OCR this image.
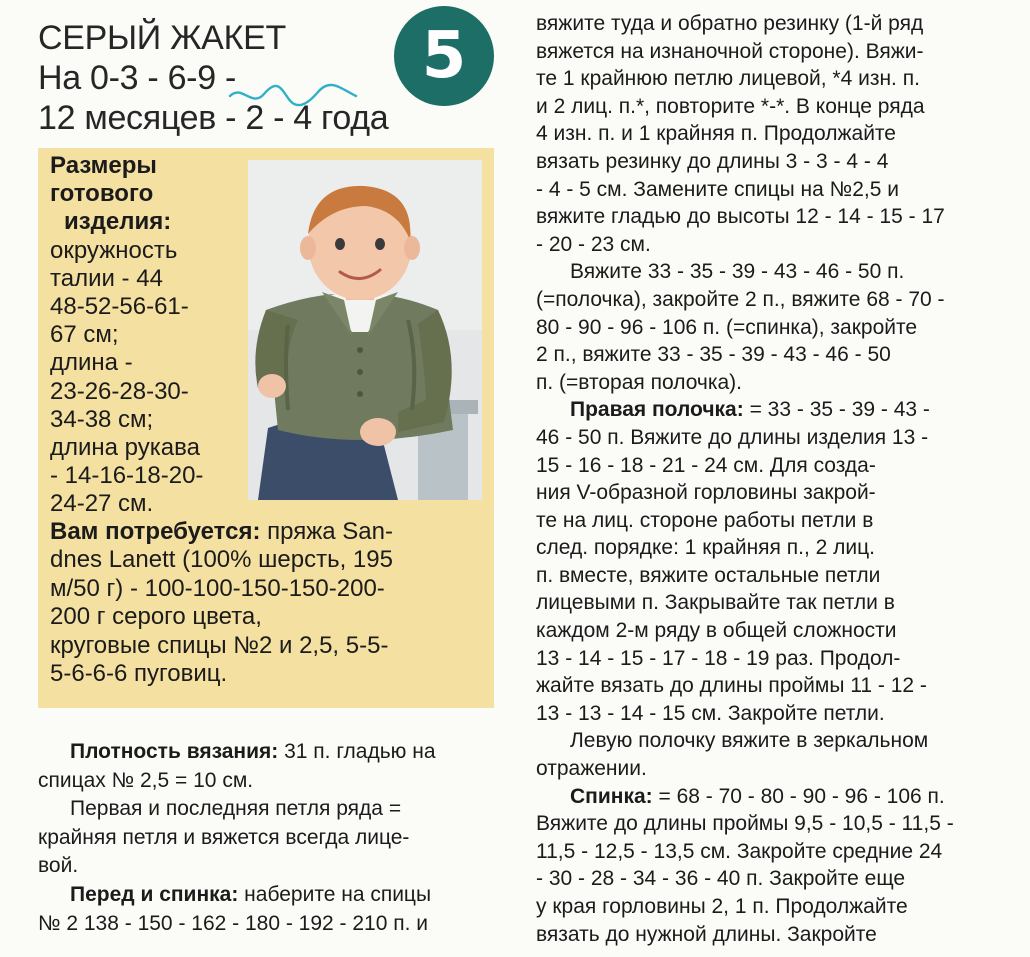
СЕРЫЙ ЖАКЕТ
На 0-3 - 6-9 -
12 месяцев - 2 - 4 года
5
Размеры
готового
изделия:
окружность
талии - 44
48-52-56-61-
67 см;
длина -
23-26-28-30-
34-38 см;
длина рукава
- 14-16-18-20-
24-27 см.
Вам потребуется: пряжа San-
dnes Lanett (100% шерсть, 195
м/50 г) - 100-100-150-150-200-
200 г серого цвета,
круговые спицы №2 и 2,5, 5-5-
5-6-6-6 пуговиц.
Плотность вязания: 31 п. гладью на
спицах № 2,5 = 10 см.
Первая и последняя петля ряда =
крайняя петля и вяжется всегда лице-
вой.
Перед и спинка: наберите на спицы
№ 2 138 - 150 - 162 - 180 - 192 - 210 п. и
вяжите туда и обратно резинку (1-й ряд
вяжется на изнаночной стороне). Вяжи-
те 1 крайнюю петлю лицевой, *4 изн. п.
и 2 лиц. п.*, повторите *-*. В конце ряда
4 изн. п. и 1 крайняя п. Продолжайте
вязать резинку до длины 3 - 3 - 4 - 4
- 4 - 5 см. Замените спицы на №2,5 и
вяжите гладью до высоты 12 - 14 - 15 - 17
- 20 - 23 см.
Вяжите 33 - 35 - 39 - 43 - 46 - 50 п.
(=полочка), закройте 2 п., вяжите 68 - 70 -
80 - 90 - 96 - 106 п. (=спинка), закройте
2 п., вяжите 33 - 35 - 39 - 43 - 46 - 50
п. (=вторая полочка).
Правая полочка: = 33 - 35 - 39 - 43 -
46 - 50 п. Вяжите до длины изделия 13 -
15 - 16 - 18 - 21 - 24 см. Для созда-
ния V-образной горловины закрой-
те на лиц. стороне работы петли в
след. порядке: 1 крайняя п., 2 лиц.
п. вместе, вяжите остальные петли
лицевыми п. Закрывайте так петли в
каждом 2-м ряду в общей сложности
13 - 14 - 15 - 17 - 18 - 19 раз. Продол-
жайте вязать до длины проймы 11 - 12 -
13 - 13 - 14 - 15 см. Закройте петли.
Левую полочку вяжите в зеркальном
отражении.
Спинка: = 68 - 70 - 80 - 90 - 96 - 106 п.
Вяжите до длины проймы 9,5 - 10,5 - 11,5 -
11,5 - 12,5 - 13,5 см. Закройте средние 24
- 30 - 28 - 34 - 36 - 40 п. Закройте еще
у края горловины 2, 1 п. Продолжайте
вязать до нужной длины. Закройте
